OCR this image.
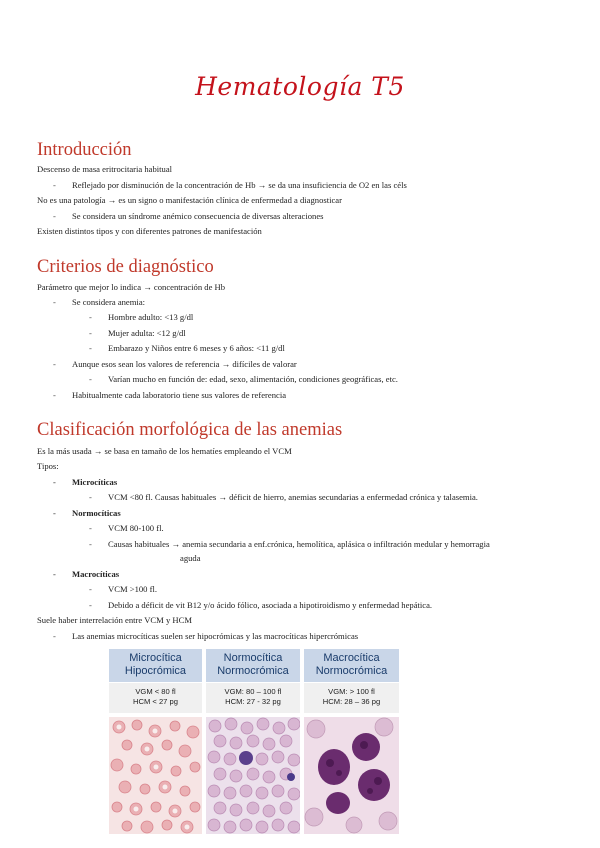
Hematología T5
Introducción
Descenso de masa eritrocitaria habitual
- Reflejado por disminución de la concentración de Hb → se da una insuficiencia de O2 en las céls
No es una patología → es un signo o manifestación clínica de enfermedad a diagnosticar
- Se considera un síndrome anémico consecuencia de diversas alteraciones
Existen distintos tipos y con diferentes patrones de manifestación
Criterios de diagnóstico
Parámetro que mejor lo indica → concentración de Hb
- Se considera anemia:
- Hombre adulto: <13 g/dl
- Mujer adulta: <12 g/dl
- Embarazo y Niños entre 6 meses y 6 años: <11 g/dl
- Aunque esos sean los valores de referencia → difíciles de valorar
- Varían mucho en función de: edad, sexo, alimentación, condiciones geográficas, etc.
- Habitualmente cada laboratorio tiene sus valores de referencia
Clasificación morfológica de las anemias
Es la más usada → se basa en tamaño de los hematíes empleando el VCM
Tipos:
- Microcíticas
- VCM <80 fl. Causas habituales → déficit de hierro, anemias secundarias a enfermedad crónica y talasemia.
- Normocíticas
- VCM 80-100 fl.
- Causas habituales → anemia secundaria a enf.crónica, hemolítica, aplásica o infiltración medular y hemorragia
aguda
- Macrocíticas
- VCM >100 fl.
- Debido a déficit de vit B12 y/o ácido fólico, asociada a hipotiroidismo y enfermedad hepática.
Suele haber interrelación entre VCM y HCM
- Las anemias microcíticas suelen ser hipocrómicas y las macrocíticas hipercrómicas
Microcítica
Hipocrómica
Normocítica
Normocrómica
Macrocítica
Normocrómica
VGM < 80 fl
HCM < 27 pg
VGM: 80 – 100 fl
HCM: 27 - 32 pg
VGM: > 100 fl
HCM: 28 – 36 pg
